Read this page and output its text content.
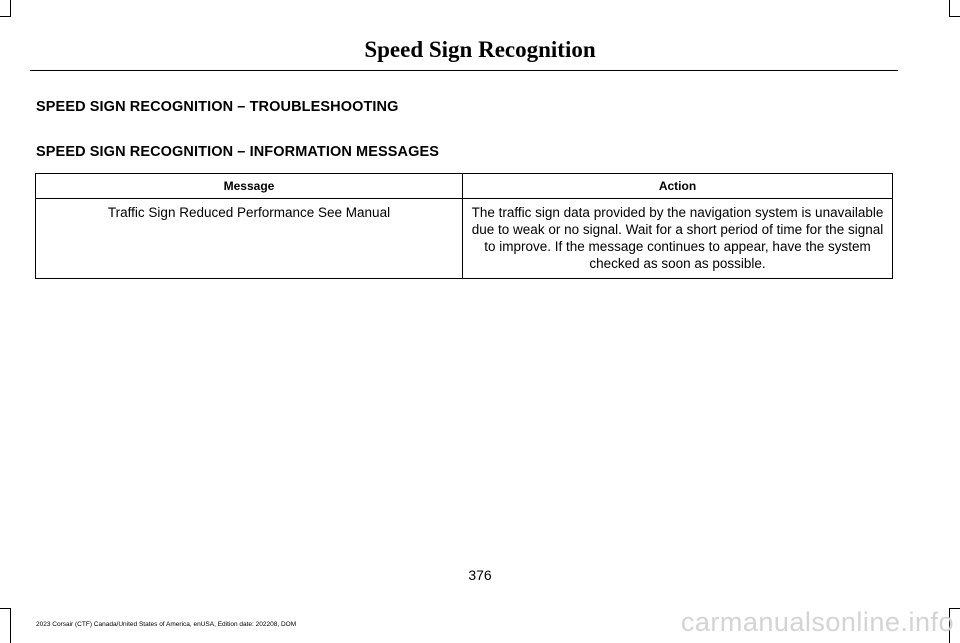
Speed Sign Recognition
SPEED SIGN RECOGNITION – TROUBLESHOOTING
SPEED SIGN RECOGNITION – INFORMATION MESSAGES
Message	Action
Traffic Sign Reduced Performance See Manual	The traffic sign data provided by the navigation system is unavailable due to weak or no signal. Wait for a short period of time for the signal to improve. If the message continues to appear, have the system checked as soon as possible.
376
2023 Corsair (CTF) Canada/United States of America, enUSA, Edition date: 202208, DOM	carmanualsonline.info
